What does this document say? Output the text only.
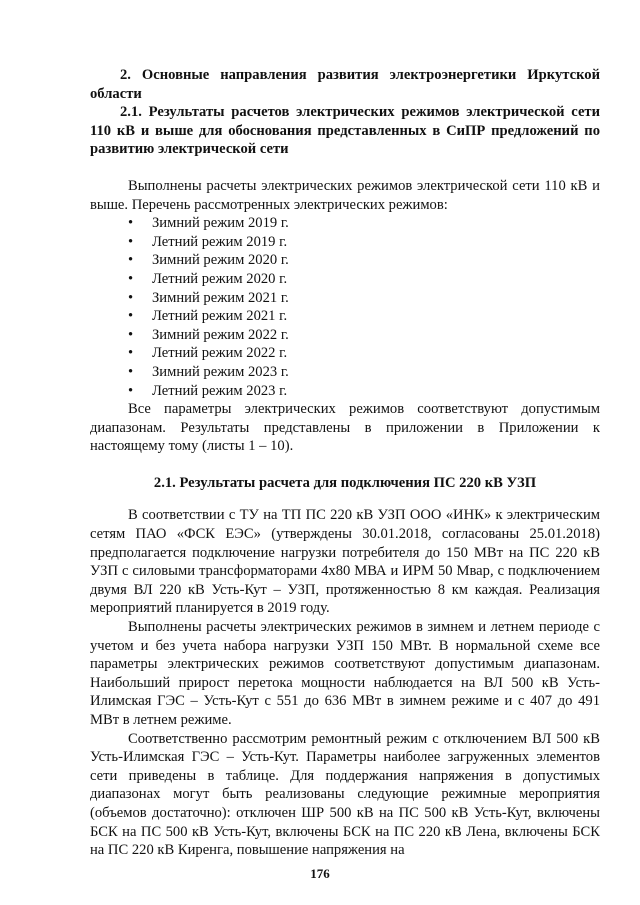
2. Основные направления развития электроэнергетики Иркутской области

2.1. Результаты расчетов электрических режимов электрической сети 110 кВ и выше для обоснования представленных в СиПР предложений по развитию электрической сети

Выполнены расчеты электрических режимов электрической сети 110 кВ и выше. Перечень рассмотренных электрических режимов:

• Зимний режим 2019 г.
• Летний режим 2019 г.
• Зимний режим 2020 г.
• Летний режим 2020 г.
• Зимний режим 2021 г.
• Летний режим 2021 г.
• Зимний режим 2022 г.
• Летний режим 2022 г.
• Зимний режим 2023 г.
• Летний режим 2023 г.

Все параметры электрических режимов соответствуют допустимым диапазонам. Результаты представлены в приложении в Приложении к настоящему тому (листы 1 – 10).

2.1. Результаты расчета для подключения ПС 220 кВ УЗП

В соответствии с ТУ на ТП ПС 220 кВ УЗП ООО «ИНК» к электрическим сетям ПАО «ФСК ЕЭС» (утверждены 30.01.2018, согласованы 25.01.2018) предполагается подключение нагрузки потребителя до 150 МВт на ПС 220 кВ УЗП с силовыми трансформаторами 4х80 МВА и ИРМ 50 Мвар, с подключением двумя ВЛ 220 кВ Усть-Кут – УЗП, протяженностью 8 км каждая. Реализация мероприятий планируется в 2019 году.

Выполнены расчеты электрических режимов в зимнем и летнем периоде с учетом и без учета набора нагрузки УЗП 150 МВт. В нормальной схеме все параметры электрических режимов соответствуют допустимым диапазонам. Наибольший прирост перетока мощности наблюдается на ВЛ 500 кВ Усть-Илимская ГЭС – Усть-Кут с 551 до 636 МВт в зимнем режиме и с 407 до 491 МВт в летнем режиме.

Соответственно рассмотрим ремонтный режим с отключением ВЛ 500 кВ Усть-Илимская ГЭС – Усть-Кут. Параметры наиболее загруженных элементов сети приведены в таблице. Для поддержания напряжения в допустимых диапазонах могут быть реализованы следующие режимные мероприятия (объемов достаточно): отключен ШР 500 кВ на ПС 500 кВ Усть-Кут, включены БСК на ПС 500 кВ Усть-Кут, включены БСК на ПС 220 кВ Лена, включены БСК на ПС 220 кВ Киренга, повышение напряжения на

176
